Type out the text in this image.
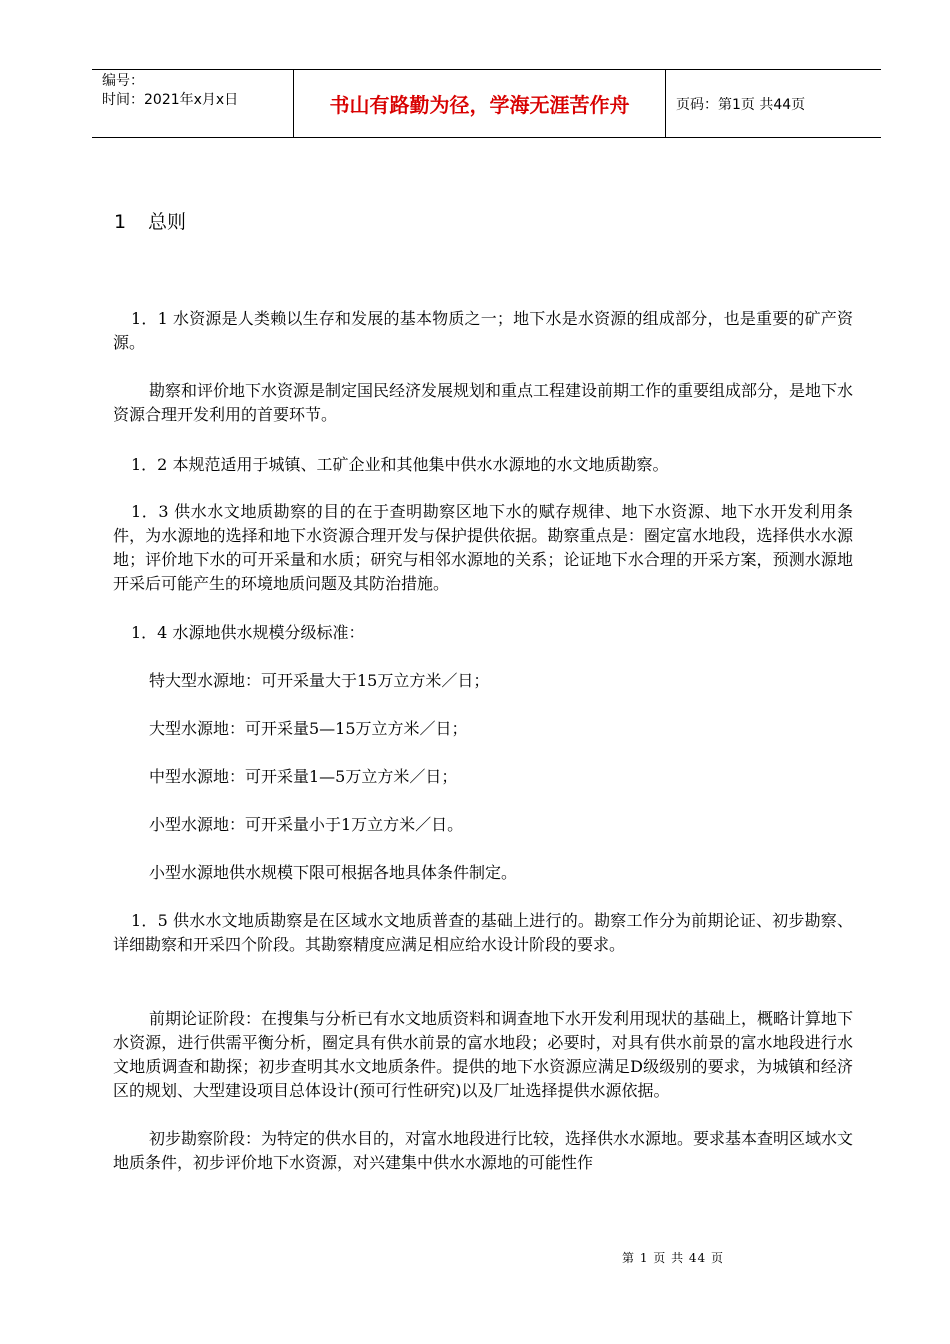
编号：
时间：2021年x月x日	书山有路勤为径，学海无涯苦作舟	页码：第1页 共44页
1 总则

1．1 水资源是人类赖以生存和发展的基本物质之一；地下水是水资源的组成部分，也是重要的矿产资源。

勘察和评价地下水资源是制定国民经济发展规划和重点工程建设前期工作的重要组成部分，是地下水资源合理开发利用的首要环节。

1．2 本规范适用于城镇、工矿企业和其他集中供水水源地的水文地质勘察。

1．3 供水水文地质勘察的目的在于查明勘察区地下水的赋存规律、地下水资源、地下水开发利用条件，为水源地的选择和地下水资源合理开发与保护提供依据。勘察重点是：圈定富水地段，选择供水水源地；评价地下水的可开采量和水质；研究与相邻水源地的关系；论证地下水合理的开采方案，预测水源地开采后可能产生的环境地质问题及其防治措施。

1．4 水源地供水规模分级标准：

特大型水源地：可开采量大于15万立方米／日；

大型水源地：可开采量5—15万立方米／日；

中型水源地：可开采量1—5万立方米／日；

小型水源地：可开采量小于1万立方米／日。

小型水源地供水规模下限可根据各地具体条件制定。

1．5 供水水文地质勘察是在区域水文地质普查的基础上进行的。勘察工作分为前期论证、初步勘察、详细勘察和开采四个阶段。其勘察精度应满足相应给水设计阶段的要求。

前期论证阶段：在搜集与分析已有水文地质资料和调查地下水开发利用现状的基础上，概略计算地下水资源，进行供需平衡分析，圈定具有供水前景的富水地段；必要时，对具有供水前景的富水地段进行水文地质调查和勘探；初步查明其水文地质条件。提供的地下水资源应满足D级级别的要求，为城镇和经济区的规划、大型建设项目总体设计(预可行性研究)以及厂址选择提供水源依据。

初步勘察阶段：为特定的供水目的，对富水地段进行比较，选择供水水源地。要求基本查明区域水文地质条件，初步评价地下水资源，对兴建集中供水水源地的可能性作

第 1 页 共 44 页
